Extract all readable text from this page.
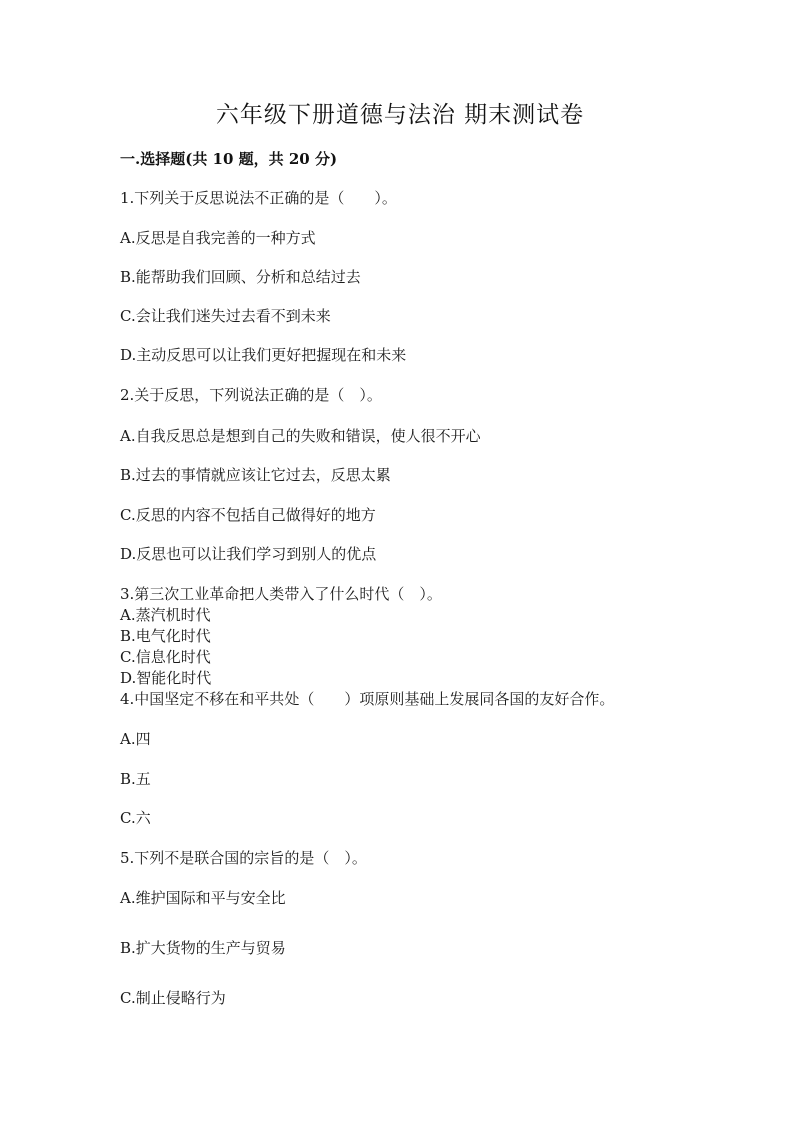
六年级下册道德与法治 期末测试卷
一.选择题(共 10 题，共 20 分)
1.下列关于反思说法不正确的是（　　）。
A.反思是自我完善的一种方式
B.能帮助我们回顾、分析和总结过去
C.会让我们迷失过去看不到未来
D.主动反思可以让我们更好把握现在和未来
2.关于反思，下列说法正确的是（　）。
A.自我反思总是想到自己的失败和错误，使人很不开心
B.过去的事情就应该让它过去，反思太累
C.反思的内容不包括自己做得好的地方
D.反思也可以让我们学习到别人的优点
3.第三次工业革命把人类带入了什么时代（　）。
A.蒸汽机时代
B.电气化时代
C.信息化时代
D.智能化时代
4.中国坚定不移在和平共处（　　）项原则基础上发展同各国的友好合作。
A.四
B.五
C.六
5.下列不是联合国的宗旨的是（　）。
A.维护国际和平与安全比
B.扩大货物的生产与贸易
C.制止侵略行为
